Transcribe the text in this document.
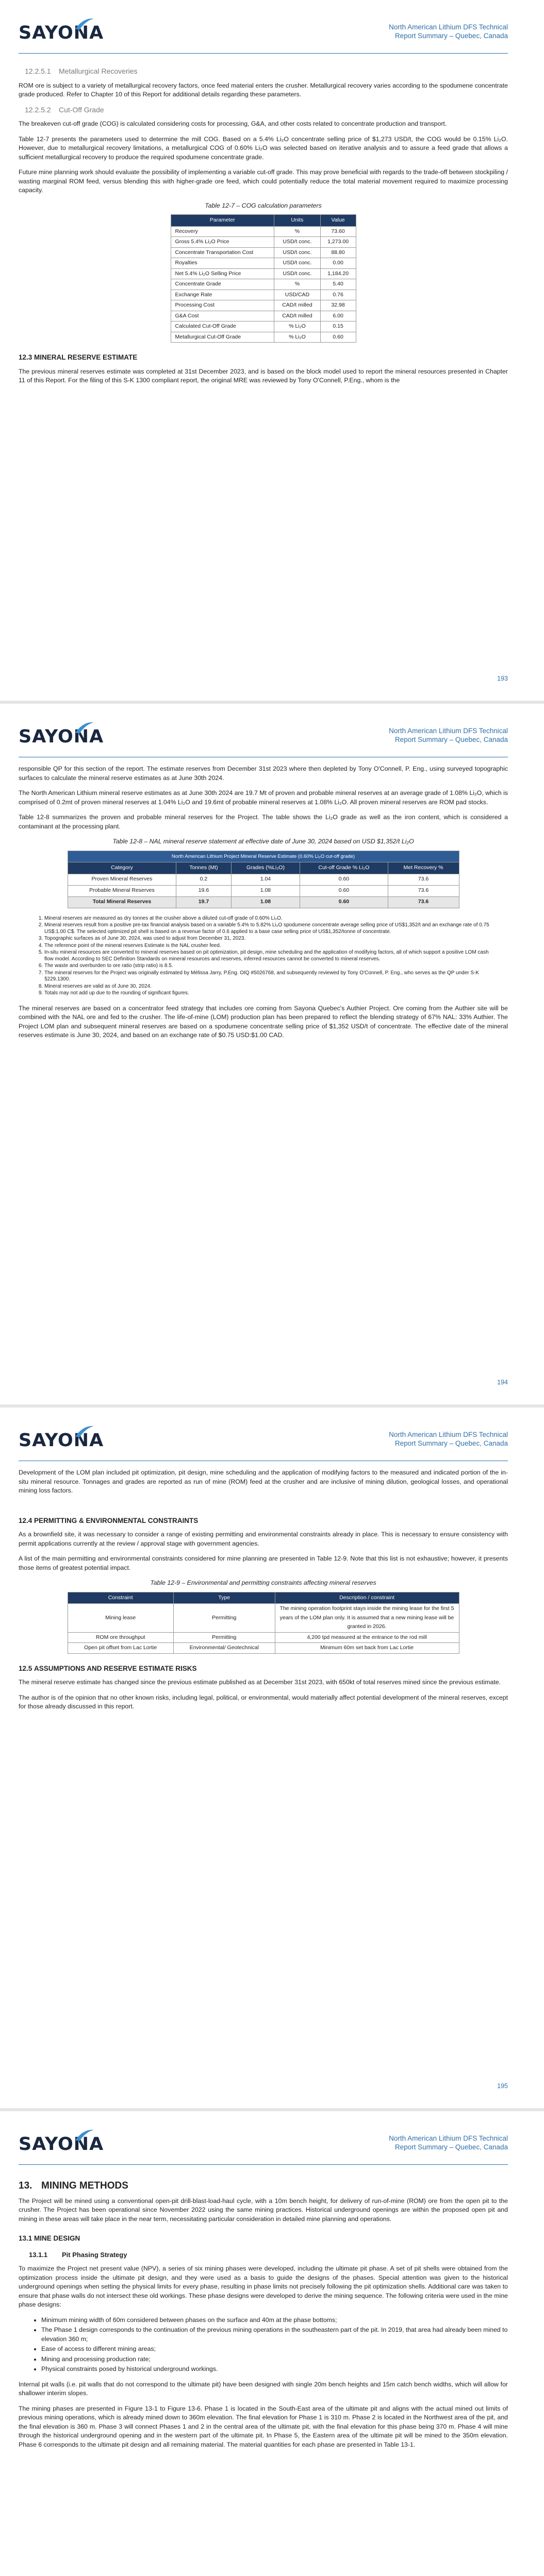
SAYONA	North American Lithium DFS Technical
Report Summary – Quebec, Canada
12.2.5.1 Metallurgical Recoveries

ROM ore is subject to a variety of metallurgical recovery factors, once feed material enters the crusher. Metallurgical recovery varies according to the spodumene concentrate grade produced. Refer to Chapter 10 of this Report for additional details regarding these parameters.

12.2.5.2 Cut-Off Grade

The breakeven cut-off grade (COG) is calculated considering costs for processing, G&A, and other costs related to concentrate production and transport.

Table 12-7 presents the parameters used to determine the mill COG. Based on a 5.4% Li₂O concentrate selling price of $1,273 USD/t, the COG would be 0.15% Li₂O. However, due to metallurgical recovery limitations, a metallurgical COG of 0.60% Li₂O was selected based on iterative analysis and to assure a feed grade that allows a sufficient metallurgical recovery to produce the required spodumene concentrate grade.

Future mine planning work should evaluate the possibility of implementing a variable cut-off grade. This may prove beneficial with regards to the trade-off between stockpiling / wasting marginal ROM feed, versus blending this with higher-grade ore feed, which could potentially reduce the total material movement required to maximize processing capacity.

Table 12-7 – COG calculation parameters
Parameter	Units	Value
Recovery	%	73.60
Gross 5.4% Li₂O Price	USD/t conc.	1,273.00
Concentrate Transportation Cost	USD/t conc.	88.80
Royalties	USD/t conc.	0.00
Net 5.4% Li₂O Selling Price	USD/t conc.	1,184.20
Concentrate Grade	%	5.40
Exchange Rate	USD/CAD	0.76
Processing Cost	CAD/t milled	32.98
G&A Cost	CAD/t milled	6.00
Calculated Cut-Off Grade	% Li₂O	0.15
Metallurgical Cut-Off Grade	% Li₂O	0.60
12.3 MINERAL RESERVE ESTIMATE

The previous mineral reserves estimate was completed at 31st December 2023, and is based on the block model used to report the mineral resources presented in Chapter 11 of this Report. For the filing of this S-K 1300 compliant report, the original MRE was reviewed by Tony O'Connell, P.Eng., whom is the

193
SAYONA	North American Lithium DFS Technical
Report Summary – Quebec, Canada

responsible QP for this section of the report. The estimate reserves from December 31st 2023 where then depleted by Tony O'Connell, P. Eng., using surveyed topographic surfaces to calculate the mineral reserve estimates as at June 30th 2024.

The North American Lithium mineral reserve estimates as at June 30th 2024 are 19.7 Mt of proven and probable mineral reserves at an average grade of 1.08% Li₂O, which is comprised of 0.2mt of proven mineral reserves at 1.04% Li₂O and 19.6mt of probable mineral reserves at 1.08% Li₂O. All proven mineral reserves are ROM pad stocks.

Table 12-8 summarizes the proven and probable mineral reserves for the Project. The table shows the Li₂O grade as well as the iron content, which is considered a contaminant at the processing plant.

Table 12-8 – NAL mineral reserve statement at effective date of June 30, 2024 based on USD $1,352/t Li₂O
North American Lithium Project Mineral Reserve Estimate (0.60% Li₂O cut-off grade)				
Category	Tonnes (Mt)	Grades (%Li₂O)	Cut-off Grade % Li₂O	Met Recovery %
Proven Mineral Reserves	0.2	1.04	0.60	73.6
Probable Mineral Reserves	19.6	1.08	0.60	73.6
Total Mineral Reserves	19.7	1.08	0.60	73.6
1. Mineral reserves are measured as dry tonnes at the crusher above a diluted cut-off grade of 0.60% Li₂O.
2. Mineral reserves result from a positive pre-tax financial analysis based on a variable 5.4% to 5.82% Li₂O spodumene concentrate average selling price of US$1,352/t and an exchange rate of 0.75 US$:1.00 C$. The selected optimized pit shell is based on a revenue factor of 0.6 applied to a base case selling price of US$1,352/tonne of concentrate.
3. Topographic surfaces as of June 30, 2024, was used to adjust from December 31, 2023.
4. The reference point of the mineral reserves Estimate is the NAL crusher feed.
5. In-situ mineral resources are converted to mineral reserves based on pit optimization, pit design, mine scheduling and the application of modifying factors, all of which support a positive LOM cash flow model. According to SEC Definition Standards on mineral resources and reserves, inferred resources cannot be converted to mineral reserves.
6. The waste and overburden to ore ratio (strip ratio) is 8.5.
7. The mineral reserves for the Project was originally estimated by Mélissa Jarry, P.Eng. OIQ #5026768, and subsequently reviewed by Tony O'Connell, P. Eng., who serves as the QP under S-K §229.1300.
8. Mineral reserves are valid as of June 30, 2024.
9. Totals may not add up due to the rounding of significant figures.

The mineral reserves are based on a concentrator feed strategy that includes ore coming from Sayona Quebec's Authier Project. Ore coming from the Authier site will be combined with the NAL ore and fed to the crusher. The life-of-mine (LOM) production plan has been prepared to reflect the blending strategy of 67% NAL: 33% Authier. The Project LOM plan and subsequent mineral reserves are based on a spodumene concentrate selling price of $1,352 USD/t of concentrate. The effective date of the mineral reserves estimate is June 30, 2024, and based on an exchange rate of $0.75 USD:$1.00 CAD.

194
SAYONA	North American Lithium DFS Technical
Report Summary – Quebec, Canada

Development of the LOM plan included pit optimization, pit design, mine scheduling and the application of modifying factors to the measured and indicated portion of the in-situ mineral resource. Tonnages and grades are reported as run of mine (ROM) feed at the crusher and are inclusive of mining dilution, geological losses, and operational mining loss factors.

12.4 PERMITTING & ENVIRONMENTAL CONSTRAINTS

As a brownfield site, it was necessary to consider a range of existing permitting and environmental constraints already in place. This is necessary to ensure consistency with permit applications currently at the review / approval stage with government agencies.

A list of the main permitting and environmental constraints considered for mine planning are presented in Table 12-9. Note that this list is not exhaustive; however, it presents those items of greatest potential impact.

Table 12-9 – Environmental and permitting constraints affecting mineral reserves
Constraint	Type	Description / constraint
Mining lease	Permitting	The mining operation footprint stays inside the mining lease for the first 5 years of the LOM plan only. It is assumed that a new mining lease will be granted in 2026.
ROM ore throughput	Permitting	4,200 tpd measured at the entrance to the rod mill
Open pit offset from Lac Lortie	Environmental/ Geotechnical	Minimum 60m set back from Lac Lortie
12.5 ASSUMPTIONS AND RESERVE ESTIMATE RISKS

The mineral reserve estimate has changed since the previous estimate published as at December 31st 2023, with 650kt of total reserves mined since the previous estimate.

The author is of the opinion that no other known risks, including legal, political, or environmental, would materially affect potential development of the mineral reserves, except for those already discussed in this report.

195
SAYONA	North American Lithium DFS Technical
Report Summary – Quebec, Canada
13. MINING METHODS

The Project will be mined using a conventional open-pit drill-blast-load-haul cycle, with a 10m bench height, for delivery of run-of-mine (ROM) ore from the open pit to the crusher. The Project has been operational since November 2022 using the same mining practices. Historical underground openings are within the proposed open pit and mining in these areas will take place in the near term, necessitating particular consideration in detailed mine planning and operations.

13.1 MINE DESIGN
13.1.1 Pit Phasing Strategy

To maximize the Project net present value (NPV), a series of six mining phases were developed, including the ultimate pit phase. A set of pit shells were obtained from the optimization process inside the ultimate pit design, and they were used as a basis to guide the designs of the phases. Special attention was given to the historical underground openings when setting the physical limits for every phase, resulting in phase limits not precisely following the pit optimization shells. Additional care was taken to ensure that phase walls do not intersect these old workings. These phase designs were developed to derive the mining sequence. The following criteria were used in the mine phase designs:

• Minimum mining width of 60m considered between phases on the surface and 40m at the phase bottoms;
• The Phase 1 design corresponds to the continuation of the previous mining operations in the southeastern part of the pit. In 2019, that area had already been mined to elevation 360 m;
• Ease of access to different mining areas;
• Mining and processing production rate;
• Physical constraints posed by historical underground workings.

Internal pit walls (i.e. pit walls that do not correspond to the ultimate pit) have been designed with single 20m bench heights and 15m catch bench widths, which will allow for shallower interim slopes.

The mining phases are presented in Figure 13-1 to Figure 13-6. Phase 1 is located in the South-East area of the ultimate pit and aligns with the actual mined out limits of previous mining operations, which is already mined down to 360m elevation. The final elevation for Phase 1 is 310 m. Phase 2 is located in the Northwest area of the pit, and the final elevation is 360 m. Phase 3 will connect Phases 1 and 2 in the central area of the ultimate pit, with the final elevation for this phase being 370 m. Phase 4 will mine through the historical underground opening and in the western part of the ultimate pit. In Phase 5, the Eastern area of the ultimate pit will be mined to the 350m elevation. Phase 6 corresponds to the ultimate pit design and all remaining material. The material quantities for each phase are presented in Table 13-1.
